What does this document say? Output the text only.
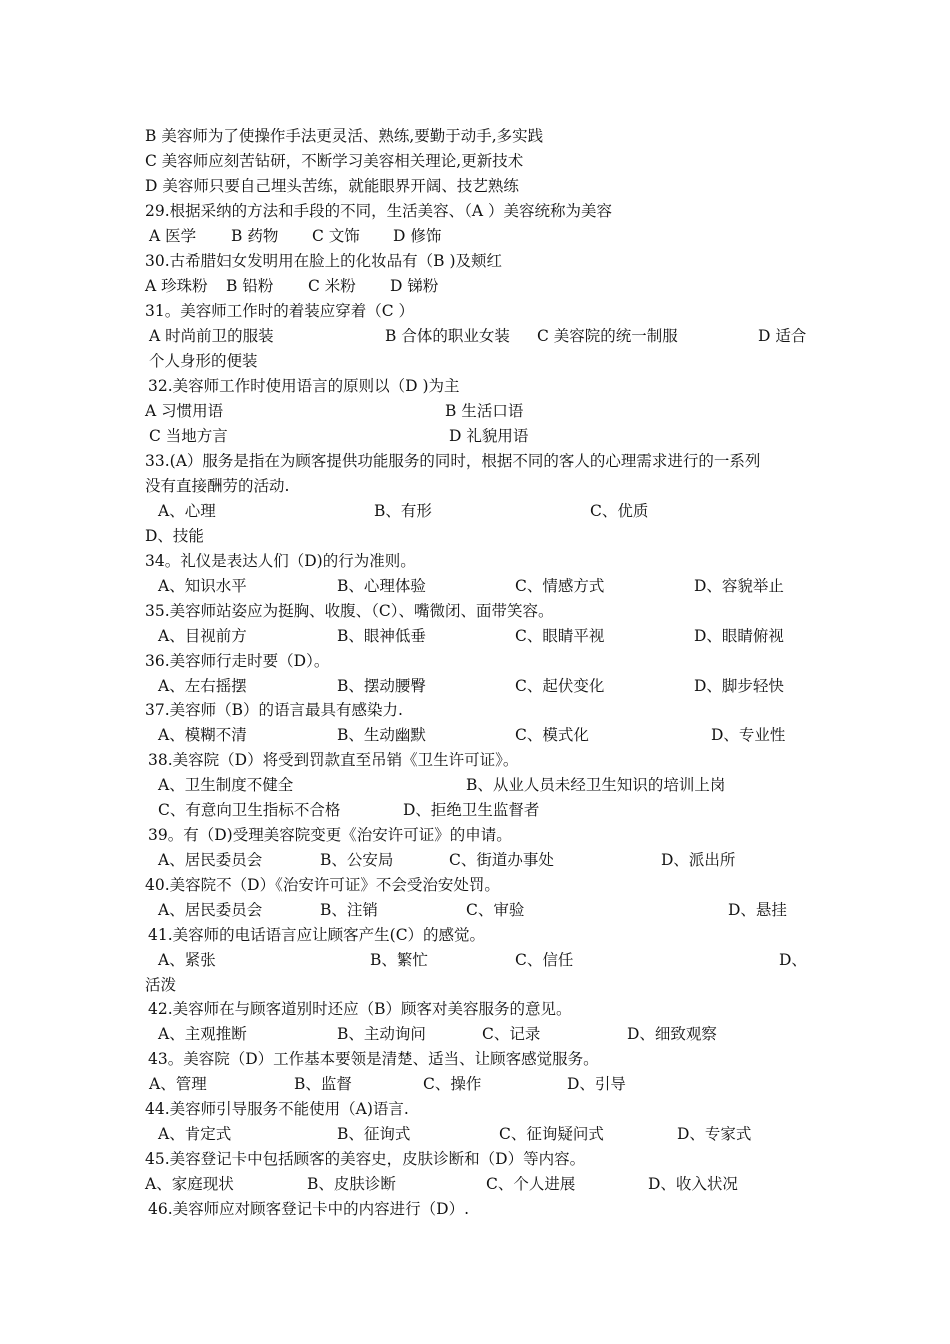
B 美容师为了使操作手法更灵活、熟练,要勤于动手,多实践
C 美容师应刻苦钻研，不断学习美容相关理论,更新技术
D 美容师只要自己埋头苦练，就能眼界开阔、技艺熟练
29.根据采纳的方法和手段的不同，生活美容、（A ）美容统称为美容
A 医学 B 药物 C 文饰 D 修饰
30.古希腊妇女发明用在脸上的化妆品有（B )及颊红
A 珍珠粉 B 铅粉 C 米粉 D 锑粉
31。美容师工作时的着装应穿着（C ）
A 时尚前卫的服装	B 合体的职业女装 C 美容院的统一制服	D 适合
个人身形的便装
32.美容师工作时使用语言的原则以（D )为主
A 习惯用语	B 生活口语
C 当地方言	D 礼貌用语
33.(A）服务是指在为顾客提供功能服务的同时，根据不同的客人的心理需求进行的一系列
没有直接酬劳的活动.
A、心理	B、有形	C、优质
D、技能
34。礼仪是表达人们（D)的行为准则。
A、知识水平	B、心理体验	C、情感方式	D、容貌举止
35.美容师站姿应为挺胸、收腹、（C）、嘴微闭、面带笑容。
A、目视前方	B、眼神低垂	C、眼睛平视	D、眼睛俯视
36.美容师行走时要（D）。
A、左右摇摆	B、摆动腰臀	C、起伏变化	D、脚步轻快
37.美容师（B）的语言最具有感染力.
A、模糊不清	B、生动幽默	C、模式化	D、专业性
38.美容院（D）将受到罚款直至吊销《卫生许可证》。
A、卫生制度不健全	B、从业人员未经卫生知识的培训上岗
C、有意向卫生指标不合格	D、拒绝卫生监督者
39。有（D)受理美容院变更《治安许可证》的申请。
A、居民委员会	B、公安局	C、街道办事处	D、派出所
40.美容院不（D）《治安许可证》不会受治安处罚。
A、居民委员会	B、注销	C、审验	D、悬挂
41.美容师的电话语言应让顾客产生(C）的感觉。
A、紧张	B、繁忙	C、信任	D、
活泼
42.美容师在与顾客道别时还应（B）顾客对美容服务的意见。
A、主观推断	B、主动询问	C、记录	D、细致观察
43。美容院（D）工作基本要领是清楚、适当、让顾客感觉服务。
A、管理	B、监督	C、操作	D、引导
44.美容师引导服务不能使用（A)语言.
A、肯定式	B、征询式	C、征询疑问式	D、专家式
45.美容登记卡中包括顾客的美容史，皮肤诊断和（D）等内容。
A、家庭现状	B、皮肤诊断	C、个人进展	D、收入状况
46.美容师应对顾客登记卡中的内容进行（D）.
